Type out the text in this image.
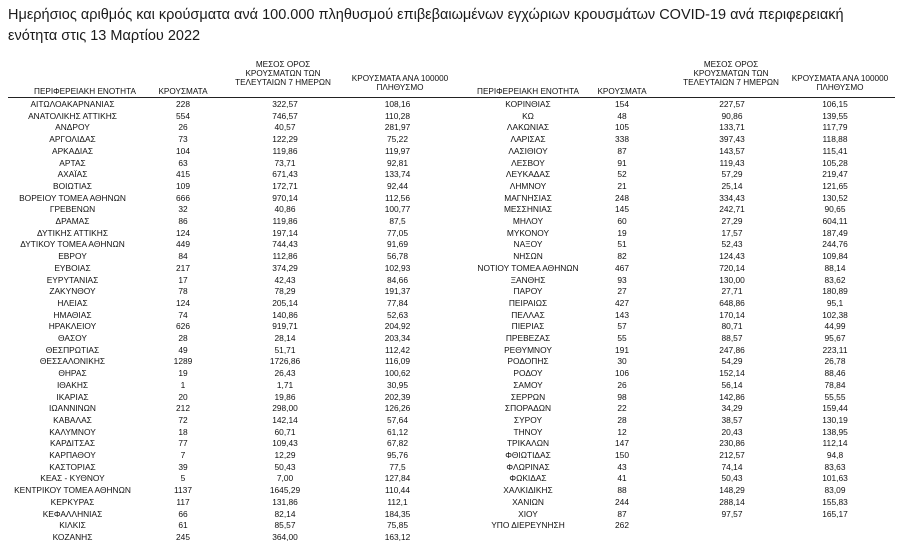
Ημερήσιος αριθμός και κρούσματα ανά 100.000 πληθυσμού επιβεβαιωμένων εγχώριων κρουσμάτων COVID-19 ανά περιφερειακή ενότητα στις 13 Μαρτίου 2022
ΠΕΡΙΦΕΡΕΙΑΚΗ ΕΝΟΤΗΤΑ	ΚΡΟΥΣΜΑΤΑ
ΜΕΣΟΣ ΟΡΟΣ
ΚΡΟΥΣΜΑΤΩΝ ΤΩΝ
ΤΕΛΕΥΤΑΙΩΝ 7 ΗΜΕΡΩΝ	ΚΡΟΥΣΜΑΤΑ ΑΝΑ 100000
ΠΛΗΘΥΣΜΟ	ΠΕΡΙΦΕΡΕΙΑΚΗ ΕΝΟΤΗΤΑ	ΚΡΟΥΣΜΑΤΑ
ΜΕΣΟΣ ΟΡΟΣ
ΚΡΟΥΣΜΑΤΩΝ ΤΩΝ
ΤΕΛΕΥΤΑΙΩΝ 7 ΗΜΕΡΩΝ	ΚΡΟΥΣΜΑΤΑ ΑΝΑ 100000
ΠΛΗΘΥΣΜΟ
ΑΙΤΩΛΟΑΚΑΡΝΑΝΙΑΣ	228	322,57	108,16
ΑΝΑΤΟΛΙΚΗΣ ΑΤΤΙΚΗΣ	554	746,57	110,28
ΑΝΔΡΟΥ	26	40,57	281,97
ΑΡΓΟΛΙΔΑΣ	73	122,29	75,22
ΑΡΚΑΔΙΑΣ	104	119,86	119,97
ΑΡΤΑΣ	63	73,71	92,81
ΑΧΑΪΑΣ	415	671,43	133,74
ΒΟΙΩΤΙΑΣ	109	172,71	92,44
ΒΟΡΕΙΟΥ ΤΟΜΕΑ ΑΘΗΝΩΝ	666	970,14	112,56
ΓΡΕΒΕΝΩΝ	32	40,86	100,77
ΔΡΑΜΑΣ	86	119,86	87,5
ΔΥΤΙΚΗΣ ΑΤΤΙΚΗΣ	124	197,14	77,05
ΔΥΤΙΚΟΥ ΤΟΜΕΑ ΑΘΗΝΩΝ	449	744,43	91,69
ΕΒΡΟΥ	84	112,86	56,78
ΕΥΒΟΙΑΣ	217	374,29	102,93
ΕΥΡΥΤΑΝΙΑΣ	17	42,43	84,66
ΖΑΚΥΝΘΟΥ	78	78,29	191,37
ΗΛΕΙΑΣ	124	205,14	77,84
ΗΜΑΘΙΑΣ	74	140,86	52,63
ΗΡΑΚΛΕΙΟΥ	626	919,71	204,92
ΘΑΣΟΥ	28	28,14	203,34
ΘΕΣΠΡΩΤΙΑΣ	49	51,71	112,42
ΘΕΣΣΑΛΟΝΙΚΗΣ	1289	1726,86	116,09
ΘΗΡΑΣ	19	26,43	100,62
ΙΘΑΚΗΣ	1	1,71	30,95
ΙΚΑΡΙΑΣ	20	19,86	202,39
ΙΩΑΝΝΙΝΩΝ	212	298,00	126,26
ΚΑΒΑΛΑΣ	72	142,14	57,64
ΚΑΛΥΜΝΟΥ	18	60,71	61,12
ΚΑΡΔΙΤΣΑΣ	77	109,43	67,82
ΚΑΡΠΑΘΟΥ	7	12,29	95,76
ΚΑΣΤΟΡΙΑΣ	39	50,43	77,5
ΚΕΑΣ - ΚΥΘΝΟΥ	5	7,00	127,84
ΚΕΝΤΡΙΚΟΥ ΤΟΜΕΑ ΑΘΗΝΩΝ	1137	1645,29	110,44
ΚΕΡΚΥΡΑΣ	117	131,86	112,1
ΚΕΦΑΛΛΗΝΙΑΣ	66	82,14	184,35
ΚΙΛΚΙΣ	61	85,57	75,85
ΚΟΖΑΝΗΣ	245	364,00	163,12
ΚΟΡΙΝΘΙΑΣ	154	227,57	106,15
ΚΩ	48	90,86	139,55
ΛΑΚΩΝΙΑΣ	105	133,71	117,79
ΛΑΡΙΣΑΣ	338	397,43	118,88
ΛΑΣΙΘΙΟΥ	87	143,57	115,41
ΛΕΣΒΟΥ	91	119,43	105,28
ΛΕΥΚΑΔΑΣ	52	57,29	219,47
ΛΗΜΝΟΥ	21	25,14	121,65
ΜΑΓΝΗΣΙΑΣ	248	334,43	130,52
ΜΕΣΣΗΝΙΑΣ	145	242,71	90,65
ΜΗΛΟΥ	60	27,29	604,11
ΜΥΚΟΝΟΥ	19	17,57	187,49
ΝΑΞΟΥ	51	52,43	244,76
ΝΗΣΩΝ	82	124,43	109,84
ΝΟΤΙΟΥ ΤΟΜΕΑ ΑΘΗΝΩΝ	467	720,14	88,14
ΞΑΝΘΗΣ	93	130,00	83,62
ΠΑΡΟΥ	27	27,71	180,89
ΠΕΙΡΑΙΩΣ	427	648,86	95,1
ΠΕΛΛΑΣ	143	170,14	102,38
ΠΙΕΡΙΑΣ	57	80,71	44,99
ΠΡΕΒΕΖΑΣ	55	88,57	95,67
ΡΕΘΥΜΝΟΥ	191	247,86	223,11
ΡΟΔΟΠΗΣ	30	54,29	26,78
ΡΟΔΟΥ	106	152,14	88,46
ΣΑΜΟΥ	26	56,14	78,84
ΣΕΡΡΩΝ	98	142,86	55,55
ΣΠΟΡΑΔΩΝ	22	34,29	159,44
ΣΥΡΟΥ	28	38,57	130,19
ΤΗΝΟΥ	12	20,43	138,95
ΤΡΙΚΑΛΩΝ	147	230,86	112,14
ΦΘΙΩΤΙΔΑΣ	150	212,57	94,8
ΦΛΩΡΙΝΑΣ	43	74,14	83,63
ΦΩΚΙΔΑΣ	41	50,43	101,63
ΧΑΛΚΙΔΙΚΗΣ	88	148,29	83,09
ΧΑΝΙΩΝ	244	288,14	155,83
ΧΙΟΥ	87	97,57	165,17
ΥΠΟ ΔΙΕΡΕΥΝΗΣΗ	262
